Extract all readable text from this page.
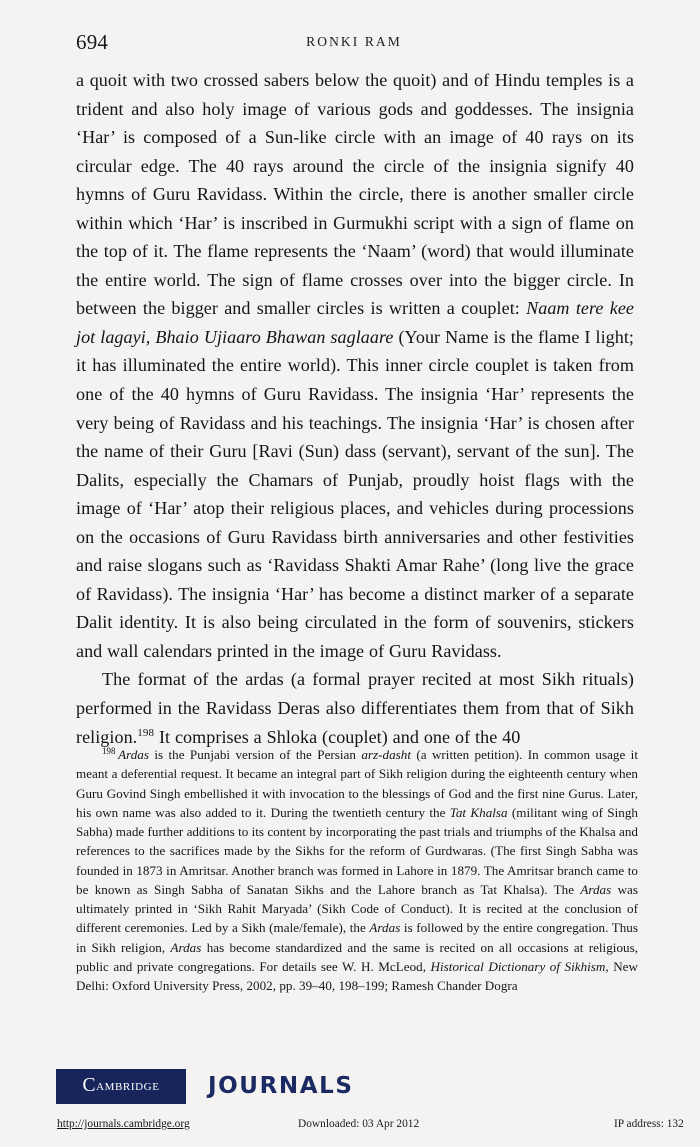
694	RONKI RAM

a quoit with two crossed sabers below the quoit) and of Hindu temples is a trident and also holy image of various gods and goddesses. The insignia ‘Har’ is composed of a Sun-like circle with an image of 40 rays on its circular edge. The 40 rays around the circle of the insignia signify 40 hymns of Guru Ravidass. Within the circle, there is another smaller circle within which ‘Har’ is inscribed in Gurmukhi script with a sign of flame on the top of it. The flame represents the ‘Naam’ (word) that would illuminate the entire world. The sign of flame crosses over into the bigger circle. In between the bigger and smaller circles is written a couplet: Naam tere kee jot lagayi, Bhaio Ujiaaro Bhawan saglaare (Your Name is the flame I light; it has illuminated the entire world). This inner circle couplet is taken from one of the 40 hymns of Guru Ravidass. The insignia ‘Har’ represents the very being of Ravidass and his teachings. The insignia ‘Har’ is chosen after the name of their Guru [Ravi (Sun) dass (servant), servant of the sun]. The Dalits, especially the Chamars of Punjab, proudly hoist flags with the image of ‘Har’ atop their religious places, and vehicles during processions on the occasions of Guru Ravidass birth anniversaries and other festivities and raise slogans such as ‘Ravidass Shakti Amar Rahe’ (long live the grace of Ravidass). The insignia ‘Har’ has become a distinct marker of a separate Dalit identity. It is also being circulated in the form of souvenirs, stickers and wall calendars printed in the image of Guru Ravidass.

The format of the ardas (a formal prayer recited at most Sikh rituals) performed in the Ravidass Deras also differentiates them from that of Sikh religion.$^{198}$ It comprises a Shloka (couplet) and one of the 40

$^{198}$ Ardas is the Punjabi version of the Persian arz-dasht (a written petition). In common usage it meant a deferential request. It became an integral part of Sikh religion during the eighteenth century when Guru Govind Singh embellished it with invocation to the blessings of God and the first nine Gurus. Later, his own name was also added to it. During the twentieth century the Tat Khalsa (militant wing of Singh Sabha) made further additions to its content by incorporating the past trials and triumphs of the Khalsa and references to the sacrifices made by the Sikhs for the reform of Gurdwaras. (The first Singh Sabha was founded in 1873 in Amritsar. Another branch was formed in Lahore in 1879. The Amritsar branch came to be known as Singh Sabha of Sanatan Sikhs and the Lahore branch as Tat Khalsa). The Ardas was ultimately printed in ‘Sikh Rahit Maryada’ (Sikh Code of Conduct). It is recited at the conclusion of different ceremonies. Led by a Sikh (male/female), the Ardas is followed by the entire congregation. Thus in Sikh religion, Ardas has become standardized and the same is recited on all occasions at religious, public and private congregations. For details see W. H. McLeod, Historical Dictionary of Sikhism, New Delhi: Oxford University Press, 2002, pp. 39–40, 198–199; Ramesh Chander Dogra

C ambridge JOURNALS
http://journals.cambridge.org	Downloaded: 03 Apr 2012	IP address: 132
